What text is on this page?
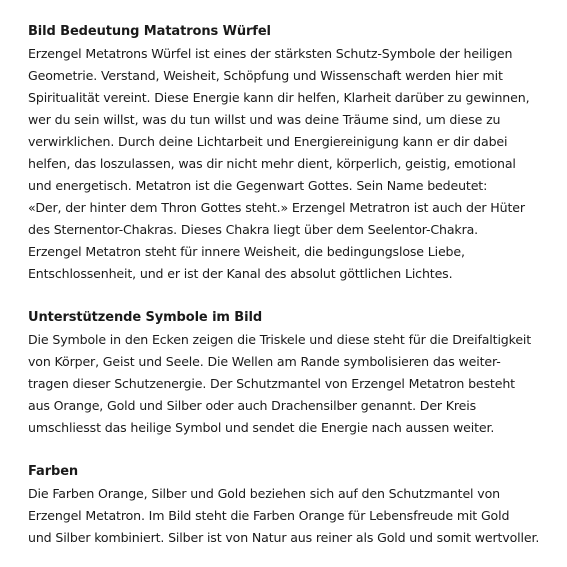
Bild Bedeutung Matatrons Würfel

Erzengel Metatrons Würfel ist eines der stärksten Schutz-Symbole der heiligen
Geometrie. Verstand, Weisheit, Schöpfung und Wissenschaft werden hier mit
Spiritualität vereint. Diese Energie kann dir helfen, Klarheit darüber zu gewinnen,
wer du sein willst, was du tun willst und was deine Träume sind, um diese zu
verwirklichen. Durch deine Lichtarbeit und Energiereinigung kann er dir dabei
helfen, das loszulassen, was dir nicht mehr dient, körperlich, geistig, emotional
und energetisch. Metatron ist die Gegenwart Gottes. Sein Name bedeutet:
«Der, der hinter dem Thron Gottes steht.» Erzengel Metratron ist auch der Hüter
des Sternentor-Chakras. Dieses Chakra liegt über dem Seelentor-Chakra.
Erzengel Metatron steht für innere Weisheit, die bedingungslose Liebe,
Entschlossenheit, und er ist der Kanal des absolut göttlichen Lichtes.

Unterstützende Symbole im Bild

Die Symbole in den Ecken zeigen die Triskele und diese steht für die Dreifaltigkeit
von Körper, Geist und Seele. Die Wellen am Rande symbolisieren das weiter-
tragen dieser Schutzenergie. Der Schutzmantel von Erzengel Metatron besteht
aus Orange, Gold und Silber oder auch Drachensilber genannt. Der Kreis
umschliesst das heilige Symbol und sendet die Energie nach aussen weiter.

Farben

Die Farben Orange, Silber und Gold beziehen sich auf den Schutzmantel von
Erzengel Metatron. Im Bild steht die Farben Orange für Lebensfreude mit Gold
und Silber kombiniert. Silber ist von Natur aus reiner als Gold und somit wertvoller.
